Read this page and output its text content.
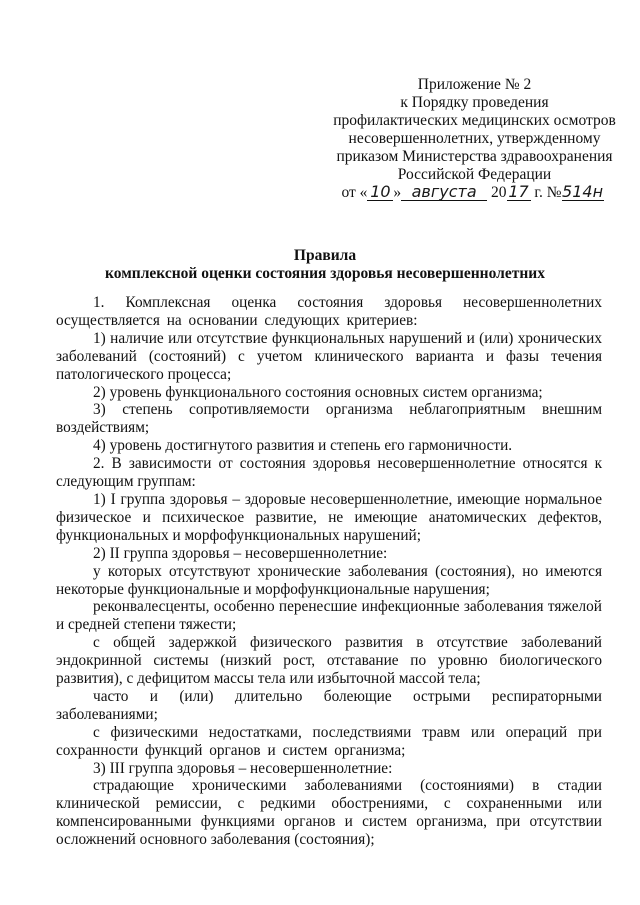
Приложение № 2
к Порядку проведения
профилактических медицинских осмотров
несовершеннолетних, утвержденному
приказом Министерства здравоохранения
Российской Федерации
от « 10 » августа 20 17 г. №514н
Правила
комплексной оценки состояния здоровья несовершеннолетних

1. Комплексная оценка состояния здоровья несовершеннолетних осуществляется на основании следующих критериев:

1) наличие или отсутствие функциональных нарушений и (или) хронических заболеваний (состояний) с учетом клинического варианта и фазы течения патологического процесса;

2) уровень функционального состояния основных систем организма;

3) степень сопротивляемости организма неблагоприятным внешним воздействиям;

4) уровень достигнутого развития и степень его гармоничности.

2. В зависимости от состояния здоровья несовершеннолетние относятся к следующим группам:

1) I группа здоровья – здоровые несовершеннолетние, имеющие нормальное физическое и психическое развитие, не имеющие анатомических дефектов, функциональных и морфофункциональных нарушений;

2) II группа здоровья – несовершеннолетние:

у которых отсутствуют хронические заболевания (состояния), но имеются некоторые функциональные и морфофункциональные нарушения;

реконвалесценты, особенно перенесшие инфекционные заболевания тяжелой и средней степени тяжести;

с общей задержкой физического развития в отсутствие заболеваний эндокринной системы (низкий рост, отставание по уровню биологического развития), с дефицитом массы тела или избыточной массой тела;

часто и (или) длительно болеющие острыми респираторными заболеваниями;

с физическими недостатками, последствиями травм или операций при сохранности функций органов и систем организма;

3) III группа здоровья – несовершеннолетние:

страдающие хроническими заболеваниями (состояниями) в стадии клинической ремиссии, с редкими обострениями, с сохраненными или компенсированными функциями органов и систем организма, при отсутствии осложнений основного заболевания (состояния);
